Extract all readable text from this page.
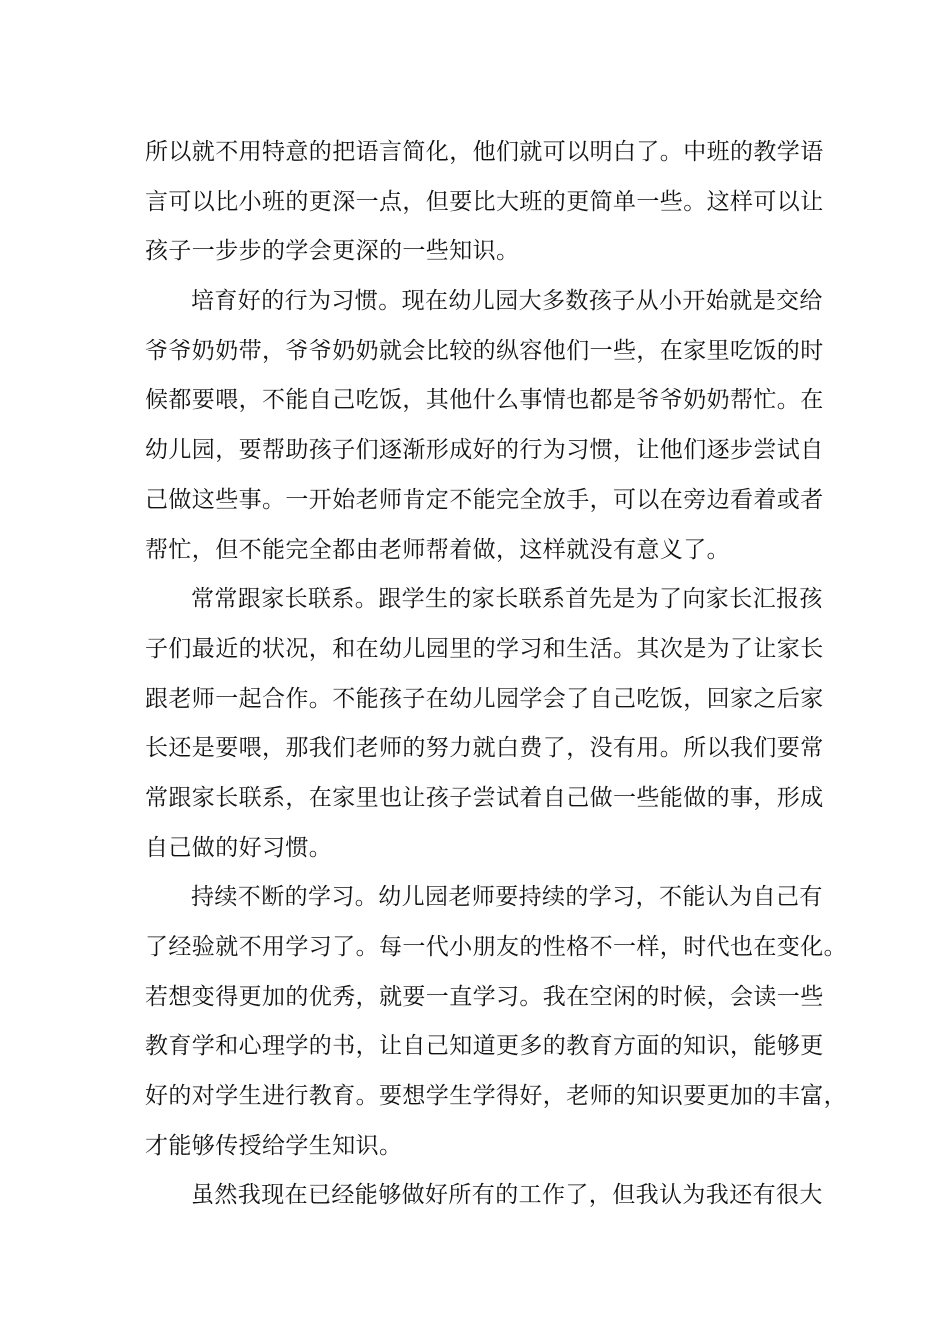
所以就不用特意的把语言简化，他们就可以明白了。中班的教学语
言可以比小班的更深一点，但要比大班的更简单一些。这样可以让
孩子一步步的学会更深的一些知识。
培育好的行为习惯。现在幼儿园大多数孩子从小开始就是交给
爷爷奶奶带，爷爷奶奶就会比较的纵容他们一些，在家里吃饭的时
候都要喂，不能自己吃饭，其他什么事情也都是爷爷奶奶帮忙。在
幼儿园，要帮助孩子们逐渐形成好的行为习惯，让他们逐步尝试自
己做这些事。一开始老师肯定不能完全放手，可以在旁边看着或者
帮忙，但不能完全都由老师帮着做，这样就没有意义了。
常常跟家长联系。跟学生的家长联系首先是为了向家长汇报孩
子们最近的状况，和在幼儿园里的学习和生活。其次是为了让家长
跟老师一起合作。不能孩子在幼儿园学会了自己吃饭，回家之后家
长还是要喂，那我们老师的努力就白费了，没有用。所以我们要常
常跟家长联系，在家里也让孩子尝试着自己做一些能做的事，形成
自己做的好习惯。
持续不断的学习。幼儿园老师要持续的学习，不能认为自己有
了经验就不用学习了。每一代小朋友的性格不一样，时代也在变化。
若想变得更加的优秀，就要一直学习。我在空闲的时候，会读一些
教育学和心理学的书，让自己知道更多的教育方面的知识，能够更
好的对学生进行教育。要想学生学得好，老师的知识要更加的丰富，
才能够传授给学生知识。
虽然我现在已经能够做好所有的工作了，但我认为我还有很大
